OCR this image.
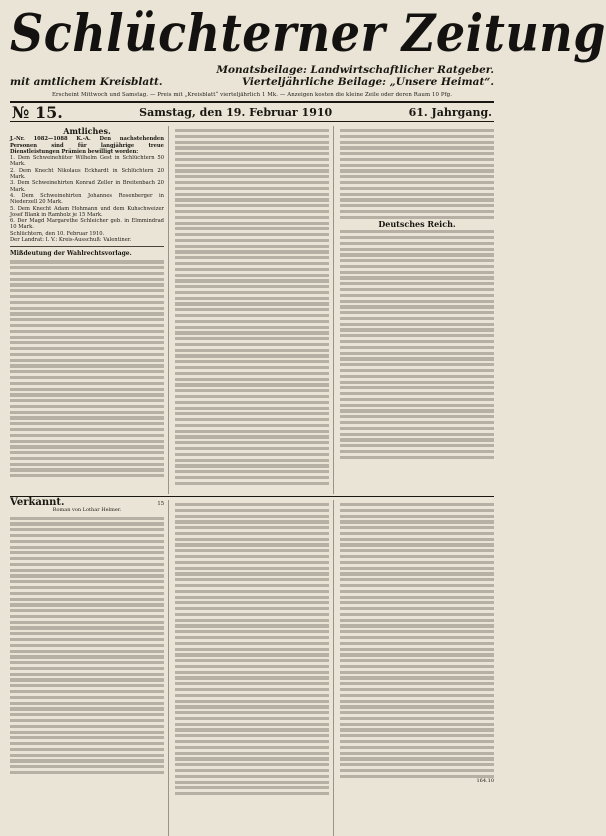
Schlüchterner Zeitung
mit amtlichem Kreisblatt.
Monatsbeilage: Landwirtschaftlicher Ratgeber.
Vierteljährliche Beilage: „Unsere Heimat“.
Erscheint Mittwoch und Samstag. — Preis mit „Kreisblatt“ vierteljährlich 1 Mk. — Anzeigen kosten die kleine Zeile oder deren Raum 10 Pfg.
№ 15.	Samstag, den 19. Februar 1910	61. Jahrgang.
Amtliches.
J.-Nr. 1082—1088 K.-A. Den nachstehenden Personen sind für langjährige treue Dienstleistungen Prämien bewilligt worden:
1. Dem Schweinehüter Wilhelm Gest in Schlüchtern 50 Mark.
2. Dem Knecht Nikolaus Eckhardt in Schlüchtern 20 Mark.
3. Dem Schweinehirten Konrad Zeller in Breitenbach 20 Mark.
4. Dem Schweinehirten Johannes Rosenberger in Niederzell 20 Mark.
5. Dem Knecht Adam Hohmann und dem Kuhschweizer Josef Blank in Ramholz je 15 Mark.
6. Der Magd Margarethe Schleicher geb. in Elmmindrad 10 Mark.
Schlüchtern, den 10. Februar 1910.
Der Landrat: I. V.: Kreis-Ausschuß: Valentiner.
Mißdeutung der Wahlrechtsvorlage.
Deutsches Reich.
Verkannt.	15
Roman von Lothar Helmer.
164.10
